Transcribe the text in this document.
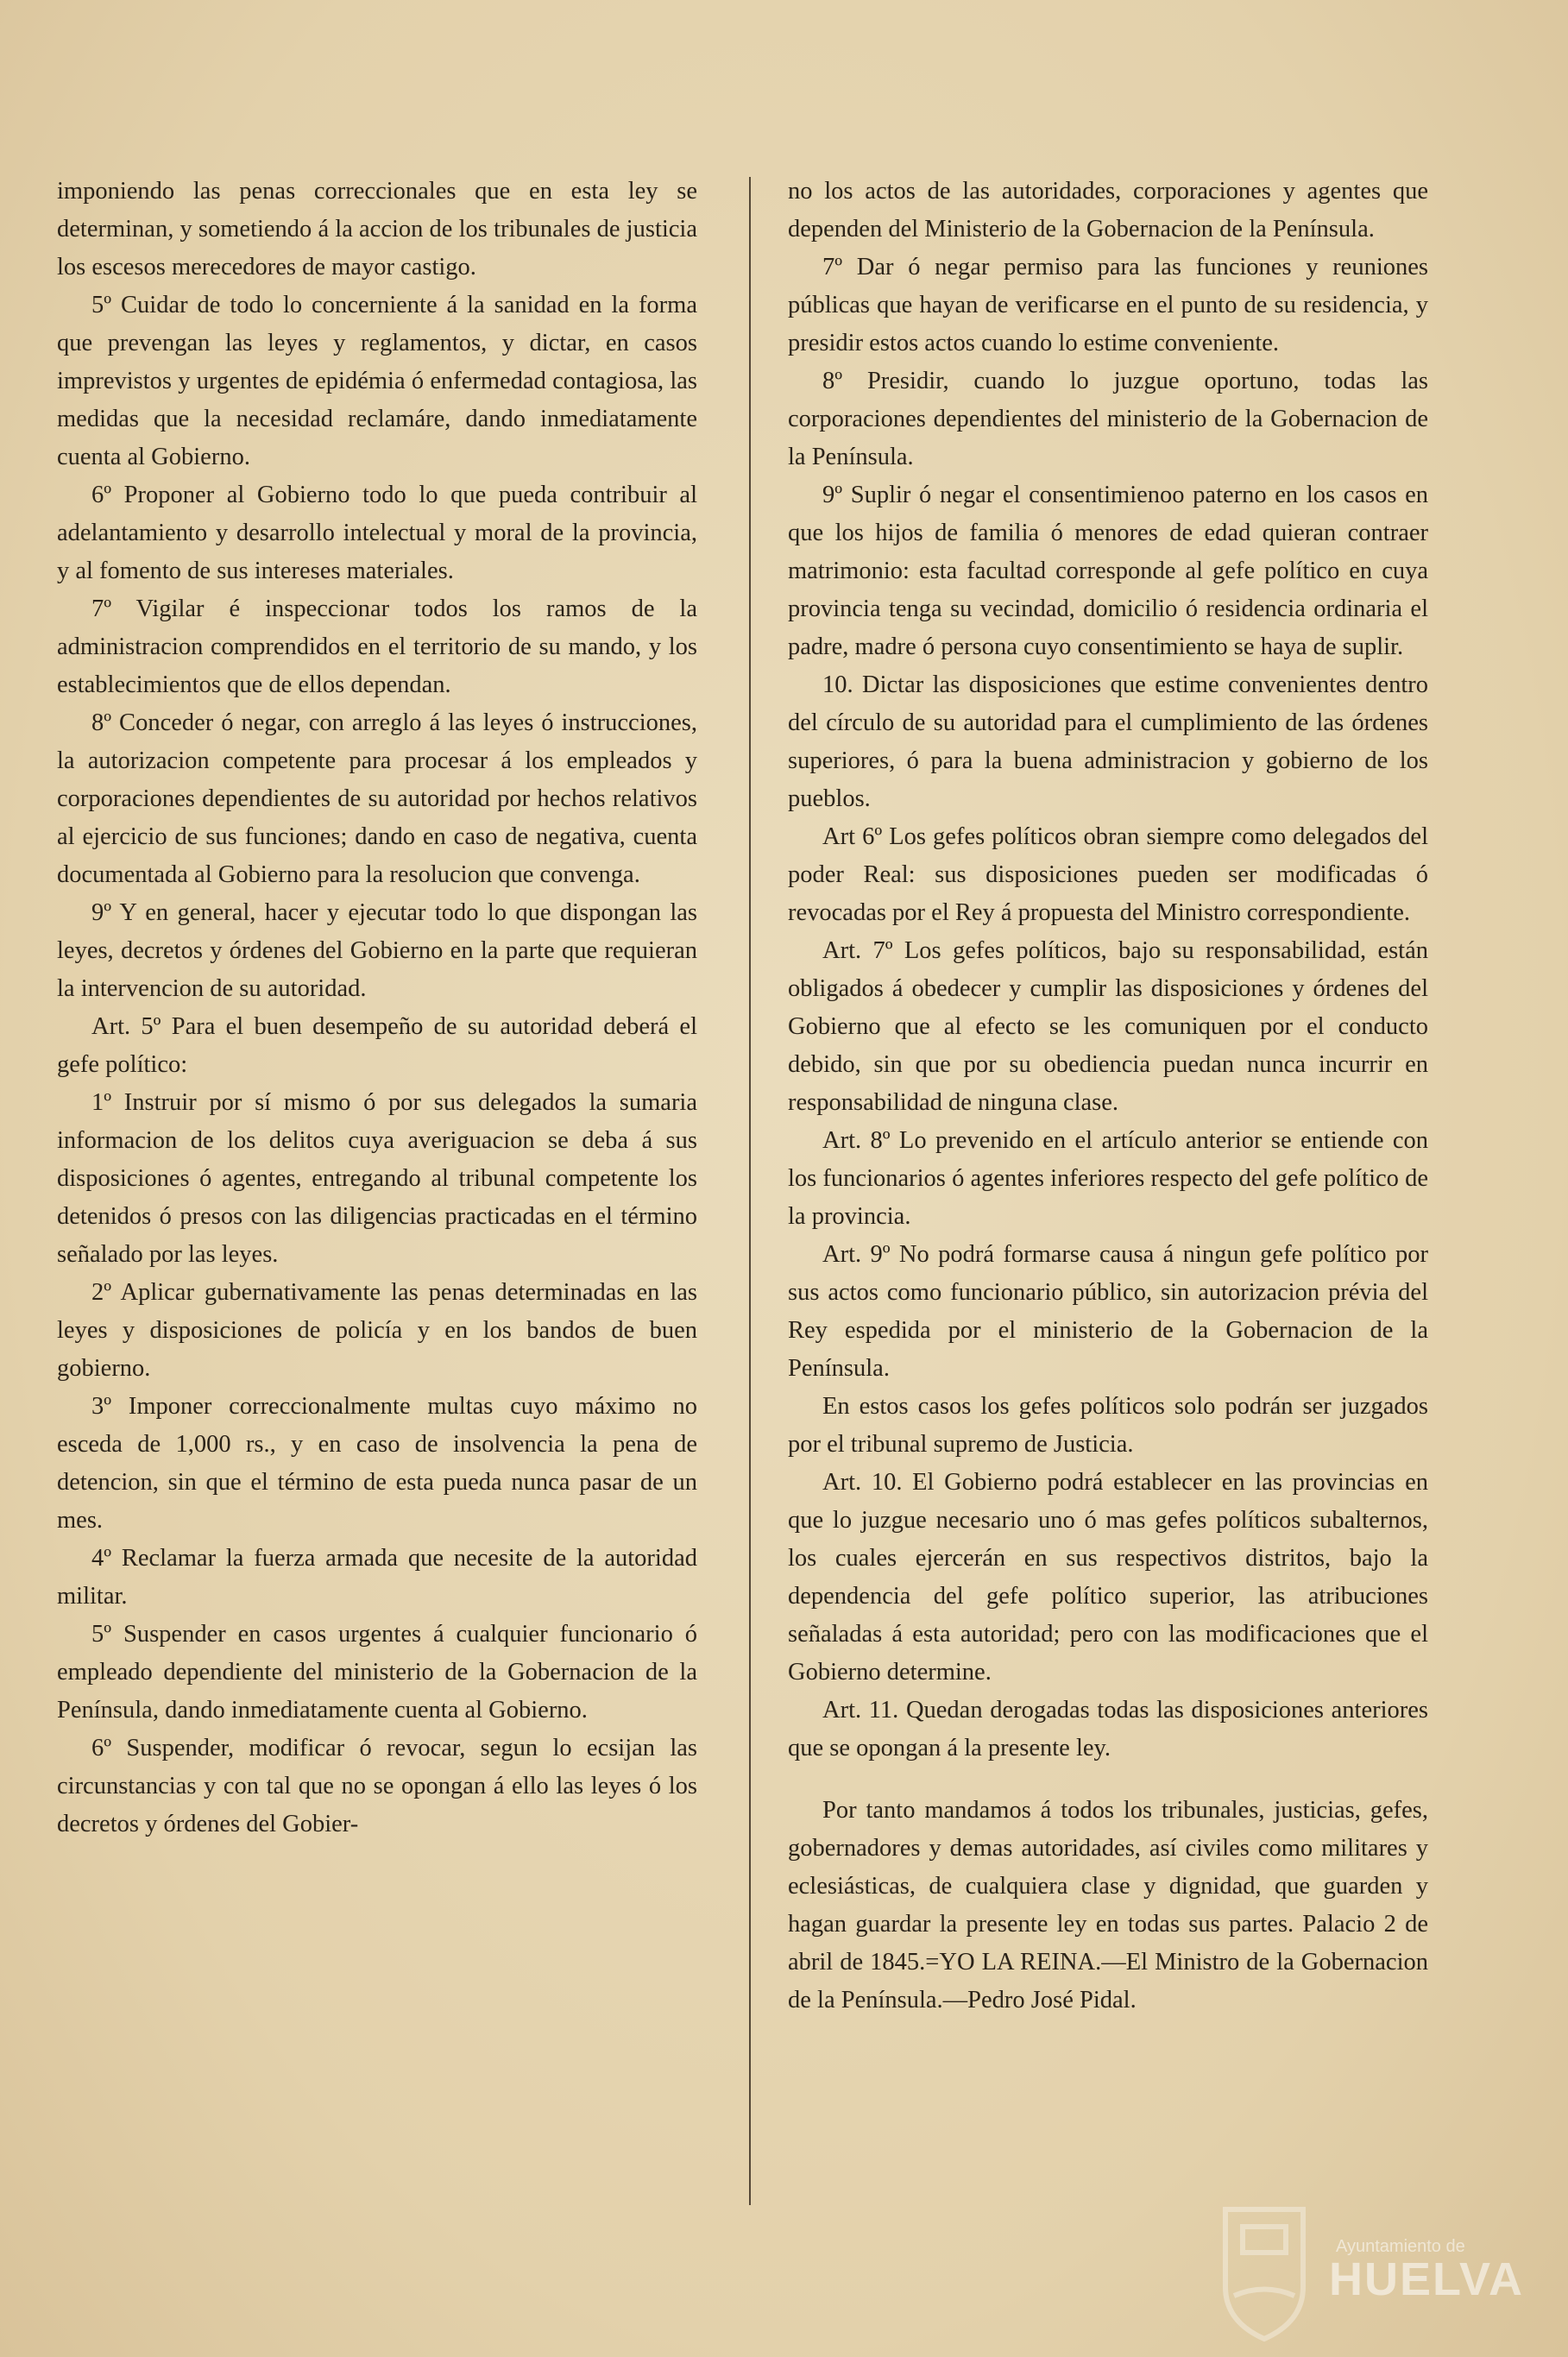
imponiendo las penas correccionales que en esta ley se determinan, y sometiendo á la accion de los tribunales de justicia los escesos merecedores de mayor castigo.

5º Cuidar de todo lo concerniente á la sanidad en la forma que prevengan las leyes y reglamentos, y dictar, en casos imprevistos y urgentes de epidémia ó enfermedad contagiosa, las medidas que la necesidad reclamáre, dando inmediatamente cuenta al Gobierno.

6º Proponer al Gobierno todo lo que pueda contribuir al adelantamiento y desarrollo intelectual y moral de la provincia, y al fomento de sus intereses materiales.

7º Vigilar é inspeccionar todos los ramos de la administracion comprendidos en el territorio de su mando, y los establecimientos que de ellos dependan.

8º Conceder ó negar, con arreglo á las leyes ó instrucciones, la autorizacion competente para procesar á los empleados y corporaciones dependientes de su autoridad por hechos relativos al ejercicio de sus funciones; dando en caso de negativa, cuenta documentada al Gobierno para la resolucion que convenga.

9º Y en general, hacer y ejecutar todo lo que dispongan las leyes, decretos y órdenes del Gobierno en la parte que requieran la intervencion de su autoridad.

Art. 5º Para el buen desempeño de su autoridad deberá el gefe político:

1º Instruir por sí mismo ó por sus delegados la sumaria informacion de los delitos cuya averiguacion se deba á sus disposiciones ó agentes, entregando al tribunal competente los detenidos ó presos con las diligencias practicadas en el término señalado por las leyes.

2º Aplicar gubernativamente las penas determinadas en las leyes y disposiciones de policía y en los bandos de buen gobierno.

3º Imponer correccionalmente multas cuyo máximo no esceda de 1,000 rs., y en caso de insolvencia la pena de detencion, sin que el término de esta pueda nunca pasar de un mes.

4º Reclamar la fuerza armada que necesite de la autoridad militar.

5º Suspender en casos urgentes á cualquier funcionario ó empleado dependiente del ministerio de la Gobernacion de la Península, dando inmediatamente cuenta al Gobierno.

6º Suspender, modificar ó revocar, segun lo ecsijan las circunstancias y con tal que no se opongan á ello las leyes ó los decretos y órdenes del Gobier-

no los actos de las autoridades, corporaciones y agentes que dependen del Ministerio de la Gobernacion de la Península.

7º Dar ó negar permiso para las funciones y reuniones públicas que hayan de verificarse en el punto de su residencia, y presidir estos actos cuando lo estime conveniente.

8º Presidir, cuando lo juzgue oportuno, todas las corporaciones dependientes del ministerio de la Gobernacion de la Península.

9º Suplir ó negar el consentimienoo paterno en los casos en que los hijos de familia ó menores de edad quieran contraer matrimonio: esta facultad corresponde al gefe político en cuya provincia tenga su vecindad, domicilio ó residencia ordinaria el padre, madre ó persona cuyo consentimiento se haya de suplir.

10. Dictar las disposiciones que estime convenientes dentro del círculo de su autoridad para el cumplimiento de las órdenes superiores, ó para la buena administracion y gobierno de los pueblos.

Art 6º Los gefes políticos obran siempre como delegados del poder Real: sus disposiciones pueden ser modificadas ó revocadas por el Rey á propuesta del Ministro correspondiente.

Art. 7º Los gefes políticos, bajo su responsabilidad, están obligados á obedecer y cumplir las disposiciones y órdenes del Gobierno que al efecto se les comuniquen por el conducto debido, sin que por su obediencia puedan nunca incurrir en responsabilidad de ninguna clase.

Art. 8º Lo prevenido en el artículo anterior se entiende con los funcionarios ó agentes inferiores respecto del gefe político de la provincia.

Art. 9º No podrá formarse causa á ningun gefe político por sus actos como funcionario público, sin autorizacion prévia del Rey espedida por el ministerio de la Gobernacion de la Península.

En estos casos los gefes políticos solo podrán ser juzgados por el tribunal supremo de Justicia.

Art. 10. El Gobierno podrá establecer en las provincias en que lo juzgue necesario uno ó mas gefes políticos subalternos, los cuales ejercerán en sus respectivos distritos, bajo la dependencia del gefe político superior, las atribuciones señaladas á esta autoridad; pero con las modificaciones que el Gobierno determine.

Art. 11. Quedan derogadas todas las disposiciones anteriores que se opongan á la presente ley.

Por tanto mandamos á todos los tribunales, justicias, gefes, gobernadores y demas autoridades, así civiles como militares y eclesiásticas, de cualquiera clase y dignidad, que guarden y hagan guardar la presente ley en todas sus partes. Palacio 2 de abril de 1845.=YO LA REINA.—El Ministro de la Gobernacion de la Península.—Pedro José Pidal.

Ayuntamiento de
HUELVA
